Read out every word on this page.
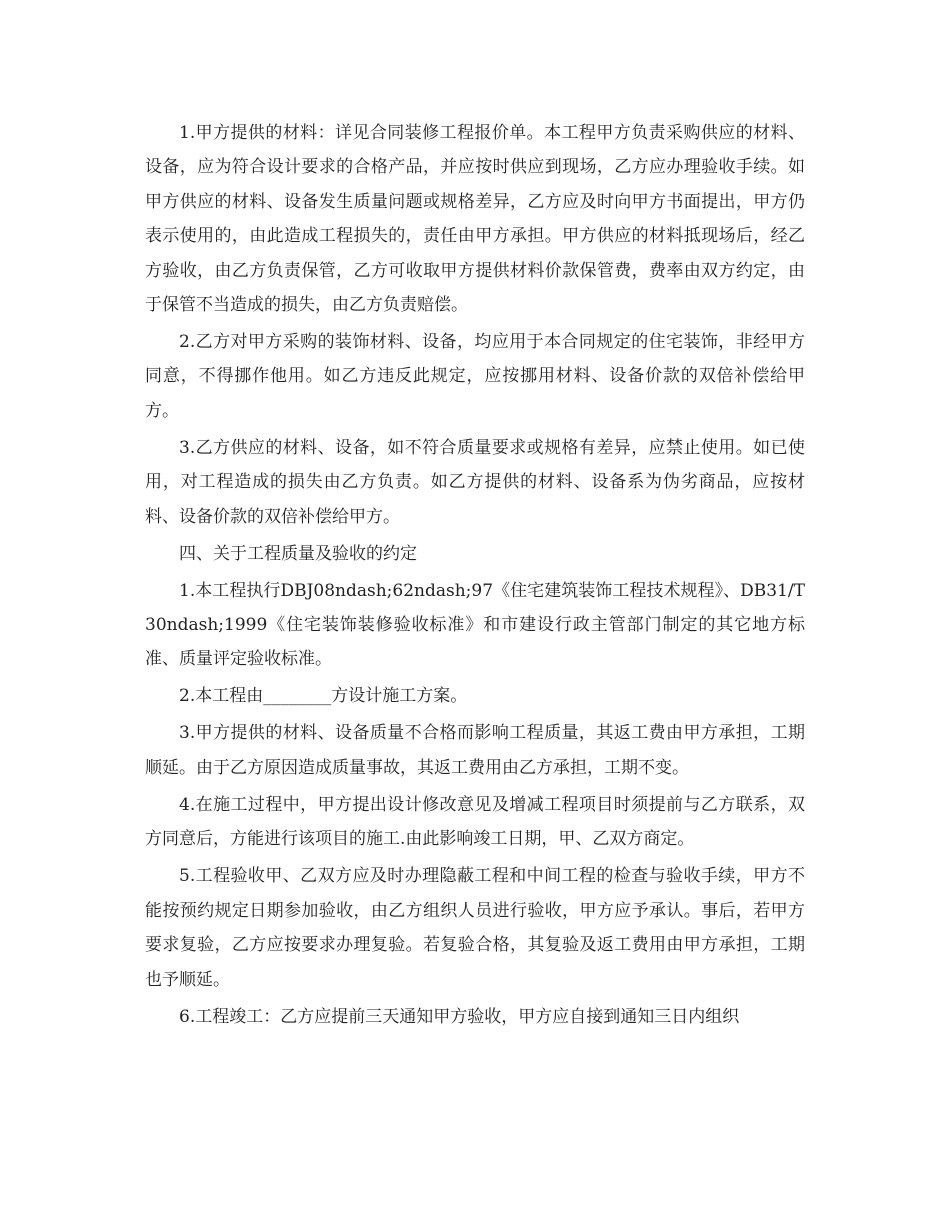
1.甲方提供的材料：详见合同装修工程报价单。本工程甲方负责采购供应的材料、设备，应为符合设计要求的合格产品，并应按时供应到现场，乙方应办理验收手续。如甲方供应的材料、设备发生质量问题或规格差异，乙方应及时向甲方书面提出，甲方仍表示使用的，由此造成工程损失的，责任由甲方承担。甲方供应的材料抵现场后，经乙方验收，由乙方负责保管，乙方可收取甲方提供材料价款保管费，费率由双方约定，由于保管不当造成的损失，由乙方负责赔偿。

2.乙方对甲方采购的装饰材料、设备，均应用于本合同规定的住宅装饰，非经甲方同意，不得挪作他用。如乙方违反此规定，应按挪用材料、设备价款的双倍补偿给甲方。

3.乙方供应的材料、设备，如不符合质量要求或规格有差异，应禁止使用。如已使用，对工程造成的损失由乙方负责。如乙方提供的材料、设备系为伪劣商品，应按材料、设备价款的双倍补偿给甲方。

四、关于工程质量及验收的约定

1.本工程执行DBJ08ndash;62ndash;97《住宅建筑装饰工程技术规程》、DB31/T30ndash;1999《住宅装饰装修验收标准》和市建设行政主管部门制定的其它地方标准、质量评定验收标准。

2.本工程由________方设计施工方案。

3.甲方提供的材料、设备质量不合格而影响工程质量，其返工费由甲方承担，工期顺延。由于乙方原因造成质量事故，其返工费用由乙方承担，工期不变。

4.在施工过程中，甲方提出设计修改意见及增减工程项目时须提前与乙方联系，双方同意后，方能进行该项目的施工.由此影响竣工日期，甲、乙双方商定。

5.工程验收甲、乙双方应及时办理隐蔽工程和中间工程的检查与验收手续，甲方不能按预约规定日期参加验收，由乙方组织人员进行验收，甲方应予承认。事后，若甲方要求复验，乙方应按要求办理复验。若复验合格，其复验及返工费用由甲方承担，工期也予顺延。

6.工程竣工：乙方应提前三天通知甲方验收，甲方应自接到通知三日内组织
